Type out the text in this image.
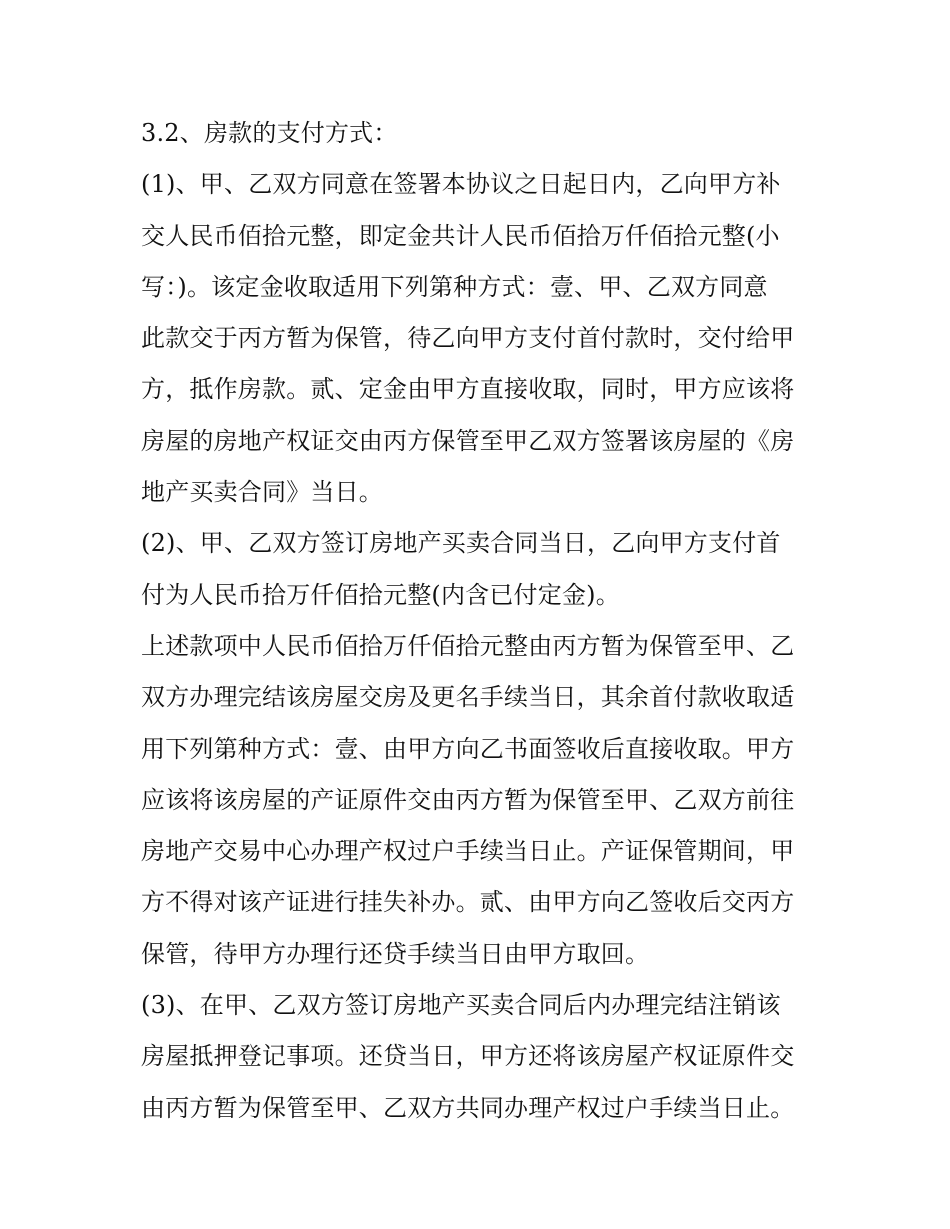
3.2、房款的支付方式：
(1)、甲、乙双方同意在签署本协议之日起日内，乙向甲方补
交人民币佰拾元整，即定金共计人民币佰拾万仟佰拾元整(小
写：)。该定金收取适用下列第种方式：壹、甲、乙双方同意
此款交于丙方暂为保管，待乙向甲方支付首付款时，交付给甲
方，抵作房款。贰、定金由甲方直接收取，同时，甲方应该将
房屋的房地产权证交由丙方保管至甲乙双方签署该房屋的《房
地产买卖合同》当日。
(2)、甲、乙双方签订房地产买卖合同当日，乙向甲方支付首
付为人民币拾万仟佰拾元整(内含已付定金)。
上述款项中人民币佰拾万仟佰拾元整由丙方暂为保管至甲、乙
双方办理完结该房屋交房及更名手续当日，其余首付款收取适
用下列第种方式：壹、由甲方向乙书面签收后直接收取。甲方
应该将该房屋的产证原件交由丙方暂为保管至甲、乙双方前往
房地产交易中心办理产权过户手续当日止。产证保管期间，甲
方不得对该产证进行挂失补办。贰、由甲方向乙签收后交丙方
保管，待甲方办理行还贷手续当日由甲方取回。
(3)、在甲、乙双方签订房地产买卖合同后内办理完结注销该
房屋抵押登记事项。还贷当日，甲方还将该房屋产权证原件交
由丙方暂为保管至甲、乙双方共同办理产权过户手续当日止。
